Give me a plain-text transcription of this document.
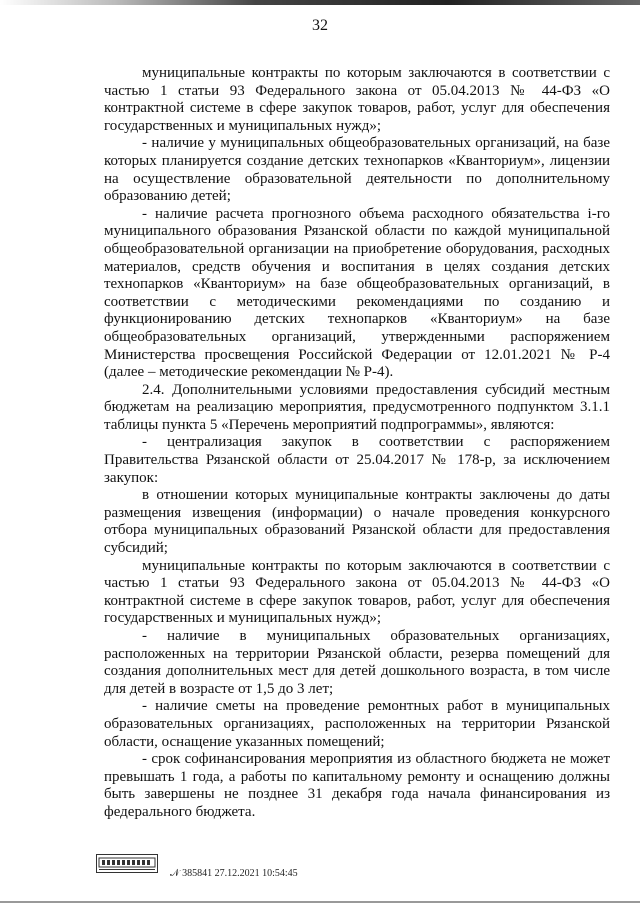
32

муниципальные контракты по которым заключаются в соответствии с частью 1 статьи 93 Федерального закона от 05.04.2013 № 44-ФЗ «О контрактной системе в сфере закупок товаров, работ, услуг для обеспечения государственных и муниципальных нужд»;

- наличие у муниципальных общеобразовательных организаций, на базе которых планируется создание детских технопарков «Кванториум», лицензии на осуществление образовательной деятельности по дополнительному образованию детей;

- наличие расчета прогнозного объема расходного обязательства i-го муниципального образования Рязанской области по каждой муниципальной общеобразовательной организации на приобретение оборудования, расходных материалов, средств обучения и воспитания в целях создания детских технопарков «Кванториум» на базе общеобразовательных организаций, в соответствии с методическими рекомендациями по созданию и функционированию детских технопарков «Кванториум» на базе общеобразовательных организаций, утвержденными распоряжением Министерства просвещения Российской Федерации от 12.01.2021 № Р-4 (далее – методические рекомендации № Р-4).

2.4. Дополнительными условиями предоставления субсидий местным бюджетам на реализацию мероприятия, предусмотренного подпунктом 3.1.1 таблицы пункта 5 «Перечень мероприятий подпрограммы», являются:

- централизация закупок в соответствии с распоряжением Правительства Рязанской области от 25.04.2017 № 178-р, за исключением закупок:

в отношении которых муниципальные контракты заключены до даты размещения извещения (информации) о начале проведения конкурсного отбора муниципальных образований Рязанской области для предоставления субсидий;

муниципальные контракты по которым заключаются в соответствии с частью 1 статьи 93 Федерального закона от 05.04.2013 № 44-ФЗ «О контрактной системе в сфере закупок товаров, работ, услуг для обеспечения государственных и муниципальных нужд»;

- наличие в муниципальных образовательных организациях, расположенных на территории Рязанской области, резерва помещений для создания дополнительных мест для детей дошкольного возраста, в том числе для детей в возрасте от 1,5 до 3 лет;

- наличие сметы на проведение ремонтных работ в муниципальных образовательных организациях, расположенных на территории Рязанской области, оснащение указанных помещений;

- срок софинансирования мероприятия из областного бюджета не может превышать 1 года, а работы по капитальному ремонту и оснащению должны быть завершены не позднее 31 декабря года начала финансирования из федерального бюджета.

𝒩 385841 27.12.2021 10:54:45
